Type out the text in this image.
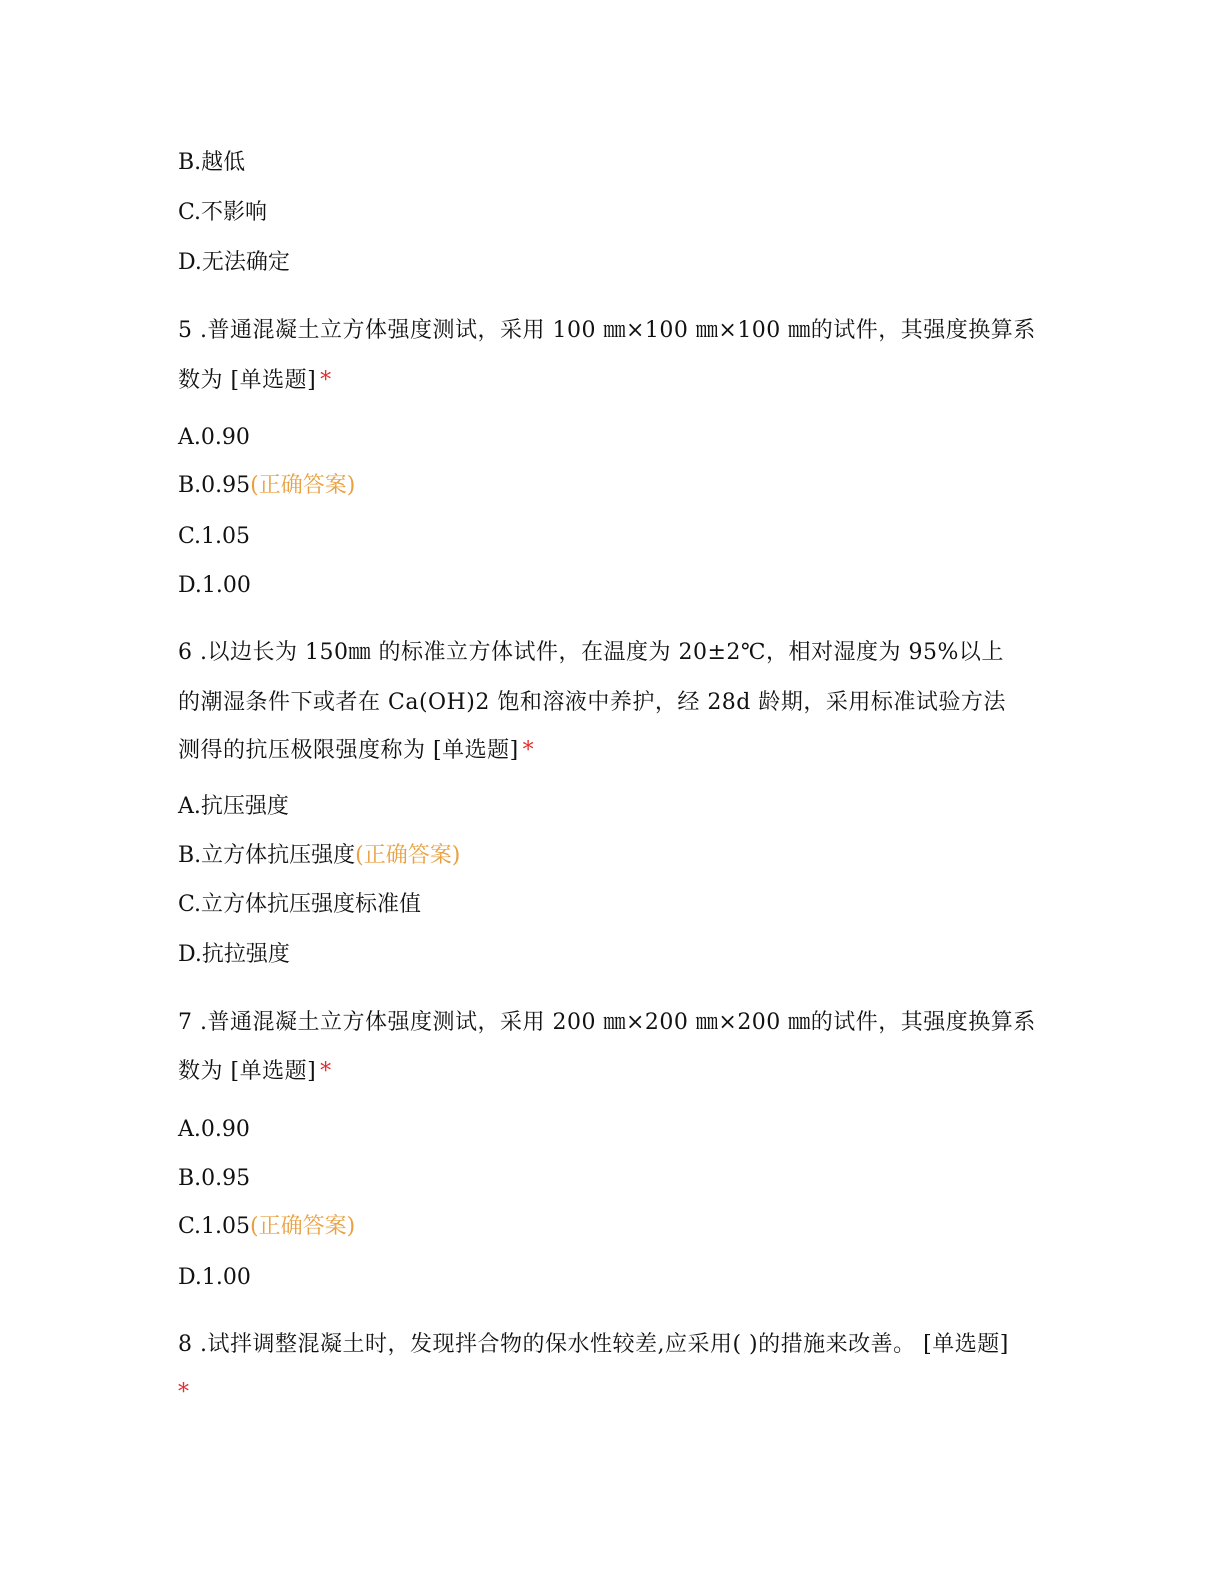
B.越低
C.不影响
D.无法确定
5 .普通混凝土立方体强度测试，采用 100 ㎜×100 ㎜×100 ㎜的试件，其强度换算系
数为 [单选题] *
A.0.90
B.0.95(正确答案)
C.1.05
D.1.00
6 .以边长为 150㎜ 的标准立方体试件，在温度为 20±2℃，相对湿度为 95%以上
的潮湿条件下或者在 Ca(OH)2 饱和溶液中养护，经 28d 龄期，采用标准试验方法
测得的抗压极限强度称为 [单选题] *
A.抗压强度
B.立方体抗压强度(正确答案)
C.立方体抗压强度标准值
D.抗拉强度
7 .普通混凝土立方体强度测试，采用 200 ㎜×200 ㎜×200 ㎜的试件，其强度换算系
数为 [单选题] *
A.0.90
B.0.95
C.1.05(正确答案)
D.1.00
8 .试拌调整混凝土时，发现拌合物的保水性较差,应采用( )的措施来改善。 [单选题]
*
